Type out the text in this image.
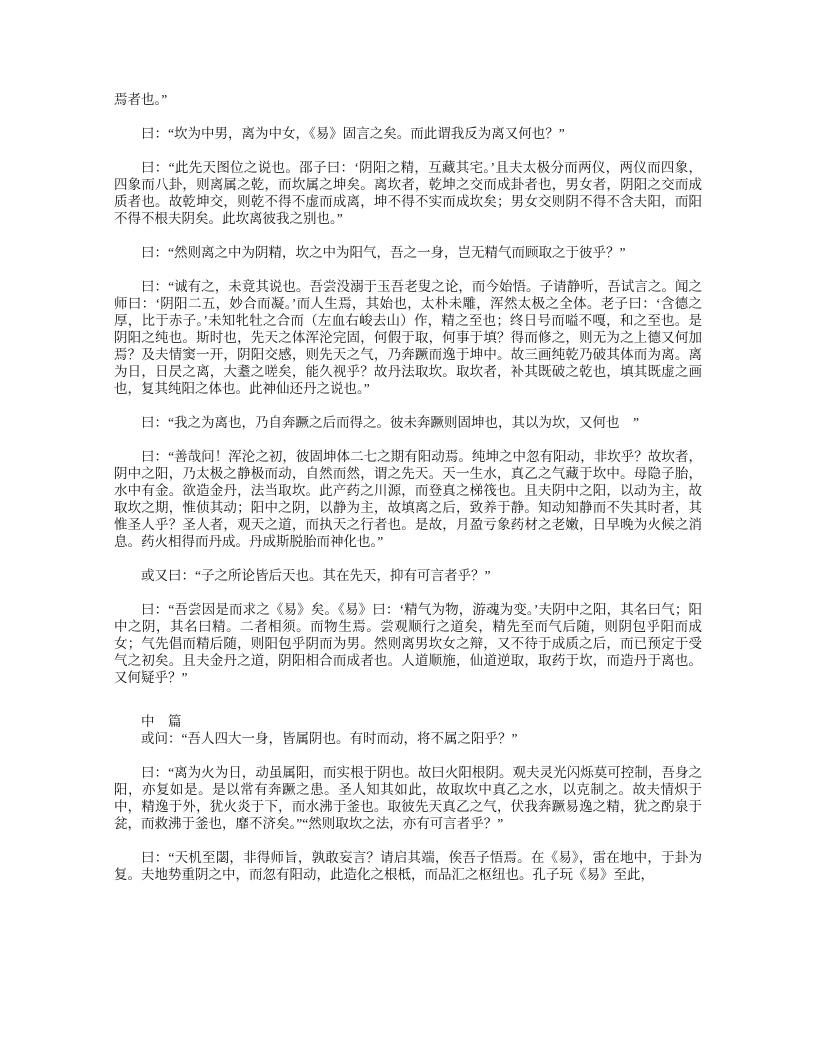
焉者也。”

曰：“坎为中男，离为中女，《易》固言之矣。而此谓我反为离又何也？”

曰：“此先天图位之说也。邵子曰：‘阴阳之精，互藏其宅。’且夫太极分而两仪，两仪而四象，四象而八卦，则离属之乾，而坎属之坤矣。离坎者，乾坤之交而成卦者也，男女者，阴阳之交而成质者也。故乾坤交，则乾不得不虚而成离，坤不得不实而成坎矣；男女交则阴不得不含夫阳，而阳不得不根夫阴矣。此坎离彼我之别也。”

曰：“然则离之中为阴精，坎之中为阳气，吾之一身，岂无精气而顾取之于彼乎？”

曰：“诚有之，未竟其说也。吾尝没溺于玉吾老叟之论，而今始悟。子请静听，吾试言之。闻之师曰：‘阴阳二五，妙合而凝。’而人生焉，其始也，太朴未雕，浑然太极之全体。老子曰：‘含德之厚，比于赤子。’未知牝牡之合而（左血右峻去山）作，精之至也；终日号而嗌不嘎，和之至也。是阴阳之纯也。斯时也，先天之体浑沦完固，何假于取，何事于填？得而修之，则无为之上德又何加焉？及夫情窦一开，阴阳交感，则先天之气，乃奔蹶而逸于坤中。故三画纯乾乃破其体而为离。离为日，日昃之离，大耋之嗟矣，能久视乎？故丹法取坎。取坎者，补其既破之乾也，填其既虚之画也，复其纯阳之体也。此神仙还丹之说也。”

曰：“我之为离也，乃自奔蹶之后而得之。彼未奔蹶则固坤也，其以为坎，又何也　”

曰：“善哉问！浑沦之初，彼固坤体二七之期有阳动焉。纯坤之中忽有阳动，非坎乎？故坎者，阴中之阳，乃太极之静极而动，自然而然，谓之先天。天一生水，真乙之气藏于坎中。母隐子胎，水中有金。欲造金丹，法当取坎。此产药之川源，而登真之梯筏也。且夫阴中之阳，以动为主，故取坎之期，惟侦其动；阳中之阴，以静为主，故填离之后，致养于静。知动知静而不失其时者，其惟圣人乎？圣人者，观天之道，而执天之行者也。是故，月盈亏象药材之老嫩，日早晚为火候之消息。药火相得而丹成。丹成斯脱胎而神化也。”

或又曰：“子之所论皆后天也。其在先天，抑有可言者乎？”

曰：“吾尝因是而求之《易》矣。《易》曰：‘精气为物，游魂为变。’夫阴中之阳，其名曰气；阳中之阴，其名曰精。二者相须。而物生焉。尝观顺行之道矣，精先至而气后随，则阴包乎阳而成女；气先倡而精后随，则阳包乎阴而为男。然则离男坎女之辩，又不待于成质之后，而已预定于受气之初矣。且夫金丹之道，阴阳相合而成者也。人道顺施，仙道逆取，取药于坎，而造丹于离也。又何疑乎？”

中　篇

或问：“吾人四大一身，皆属阴也。有时而动，将不属之阳乎？”

曰：“离为火为日，动虽属阳，而实根于阴也。故曰火阳根阴。观夫灵光闪烁莫可控制，吾身之阳，亦复如是。是以常有奔蹶之患。圣人知其如此，故取坎中真乙之水，以克制之。故夫情炽于中，精逸于外，犹火炎于下，而水沸于釜也。取彼先天真乙之气，伏我奔蹶易逸之精，犹之酌泉于瓫，而救沸于釜也，靡不济矣。”“然则取坎之法，亦有可言者乎？”

曰：“天机至閟，非得师旨，孰敢妄言？请启其端，俟吾子悟焉。在《易》，雷在地中，于卦为复。夫地势重阴之中，而忽有阳动，此造化之根柢，而品汇之枢纽也。孔子玩《易》至此，
